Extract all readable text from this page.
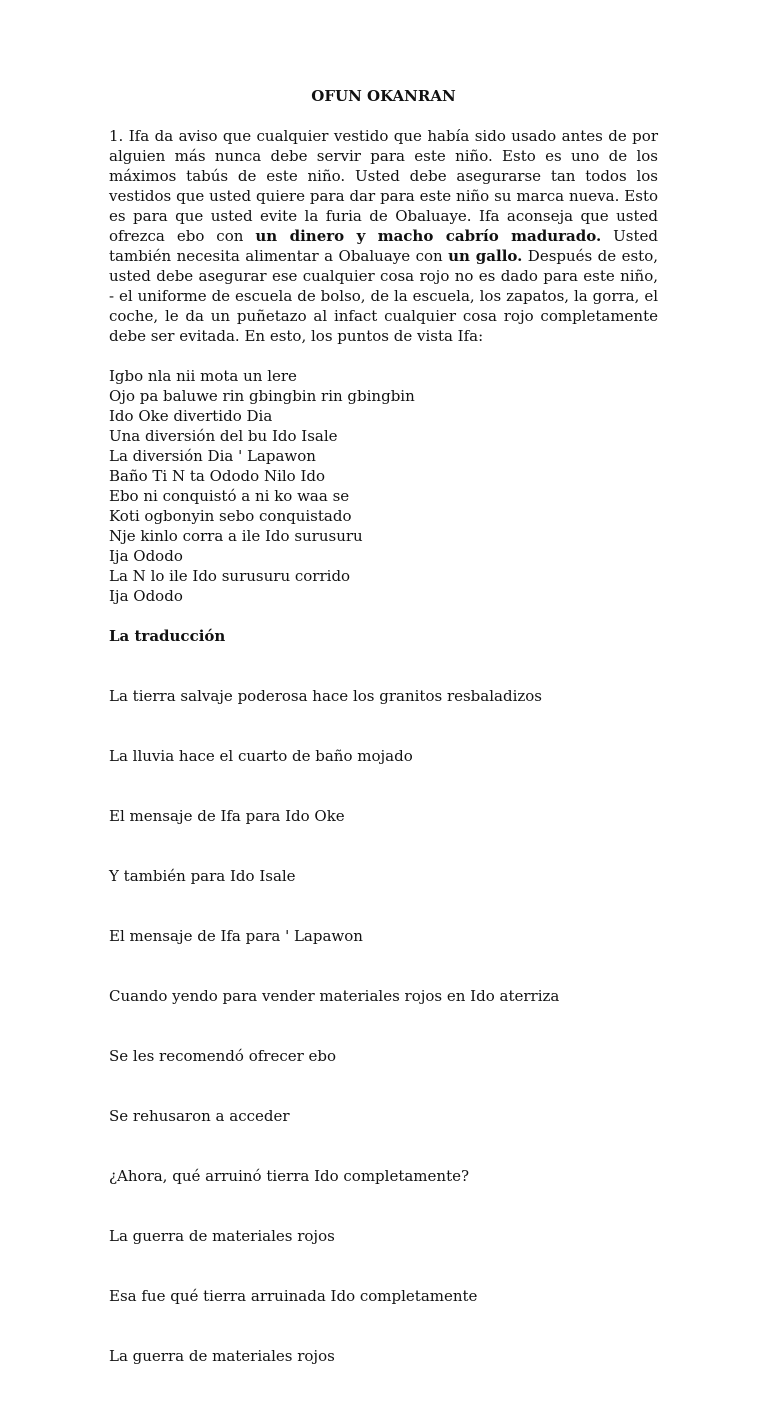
OFUN OKANRAN

1. Ifa da aviso que cualquier vestido que había sido usado antes de por alguien más nunca debe servir para este niño. Esto es uno de los máximos tabús de este niño. Usted debe asegurarse tan todos los vestidos que usted quiere para dar para este niño su marca nueva. Esto es para que usted evite la furia de Obaluaye. Ifa aconseja que usted ofrezca ebo con un dinero y macho cabrío madurado. Usted también necesita alimentar a Obaluaye con un gallo. Después de esto, usted debe asegurar ese cualquier cosa rojo no es dado para este niño, - el uniforme de escuela de bolso, de la escuela, los zapatos, la gorra, el coche, le da un puñetazo al infact cualquier cosa rojo completamente debe ser evitada. En esto, los puntos de vista Ifa:

Igbo nla nii mota un lere
Ojo pa baluwe rin gbingbin rin gbingbin
Ido Oke divertido Dia
Una diversión del bu Ido Isale
La diversión Dia ' Lapawon
Baño Ti N ta Ododo Nilo Ido
Ebo ni conquistó a ni ko waa se
Koti ogbonyin sebo conquistado
Nje kinlo corra a ile Ido surusuru
Ija Ododo
La N lo ile Ido surusuru corrido
Ija Ododo
La traducción

La tierra salvaje poderosa hace los granitos resbaladizos

La lluvia hace el cuarto de baño mojado

El mensaje de Ifa para Ido Oke

Y también para Ido Isale

El mensaje de Ifa para ' Lapawon

Cuando yendo para vender materiales rojos en Ido aterriza

Se les recomendó ofrecer ebo

Se rehusaron a acceder

¿Ahora, qué arruinó tierra Ido completamente?

La guerra de materiales rojos

Esa fue qué tierra arruinada Ido completamente

La guerra de materiales rojos
